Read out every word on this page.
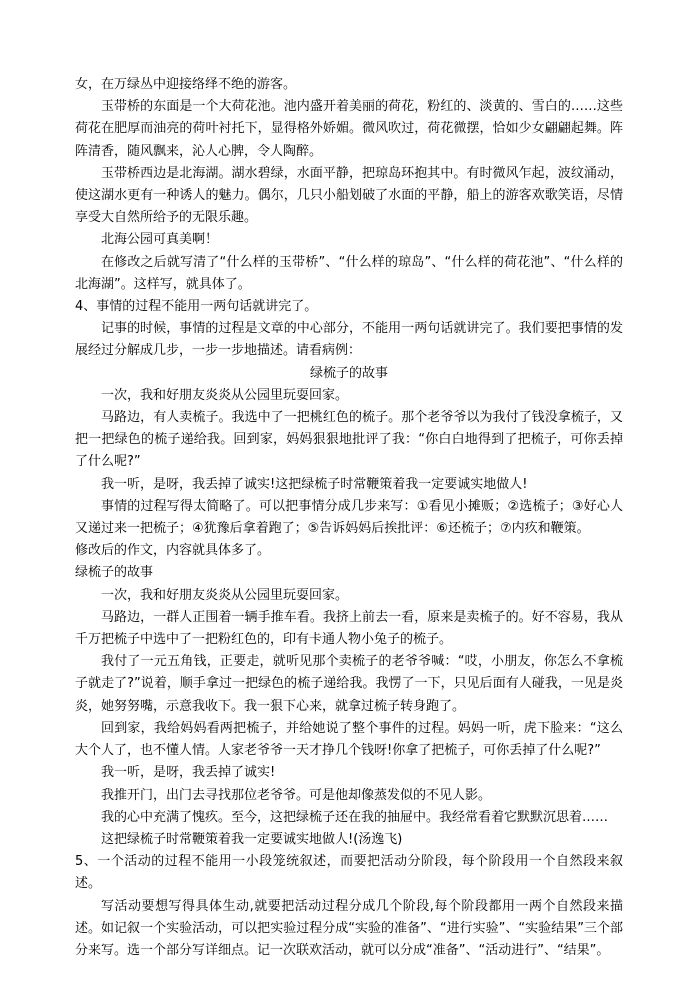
女，在万绿丛中迎接络绎不绝的游客。

玉带桥的东面是一个大荷花池。池内盛开着美丽的荷花，粉红的、淡黄的、雪白的……这些荷花在肥厚而油亮的荷叶衬托下，显得格外娇媚。微风吹过，荷花微摆，恰如少女翩翩起舞。阵阵清香，随风飘来，沁人心脾，令人陶醉。

玉带桥西边是北海湖。湖水碧绿，水面平静，把琼岛环抱其中。有时微风乍起，波纹涌动，使这湖水更有一种诱人的魅力。偶尔，几只小船划破了水面的平静，船上的游客欢歌笑语，尽情享受大自然所给予的无限乐趣。

北海公园可真美啊！

在修改之后就写清了“什么样的玉带桥”、“什么样的琼岛”、“什么样的荷花池”、“什么样的北海湖”。这样写，就具体了。

4、事情的过程不能用一两句话就讲完了。

记事的时候，事情的过程是文章的中心部分，不能用一两句话就讲完了。我们要把事情的发展经过分解成几步，一步一步地描述。请看病例：

绿梳子的故事

一次，我和好朋友炎炎从公园里玩耍回家。

马路边，有人卖梳子。我选中了一把桃红色的梳子。那个老爷爷以为我付了钱没拿梳子，又把一把绿色的梳子递给我。回到家，妈妈狠狠地批评了我：“你白白地得到了把梳子，可你丢掉了什么呢?”

我一听，是呀，我丢掉了诚实!这把绿梳子时常鞭策着我一定要诚实地做人!

事情的过程写得太简略了。可以把事情分成几步来写：①看见小摊贩；②选梳子；③好心人又递过来一把梳子；④犹豫后拿着跑了；⑤告诉妈妈后挨批评：⑥还梳子；⑦内疚和鞭策。

修改后的作文，内容就具体多了。

绿梳子的故事

一次，我和好朋友炎炎从公园里玩耍回家。

马路边，一群人正围着一辆手推车看。我挤上前去一看，原来是卖梳子的。好不容易，我从千万把梳子中选中了一把粉红色的，印有卡通人物小兔子的梳子。

我付了一元五角钱，正要走，就听见那个卖梳子的老爷爷喊：“哎，小朋友，你怎么不拿梳子就走了?”说着，顺手拿过一把绿色的梳子递给我。我愣了一下，只见后面有人碰我，一见是炎炎，她努努嘴，示意我收下。我一狠下心来，就拿过梳子转身跑了。

回到家，我给妈妈看两把梳子，并给她说了整个事件的过程。妈妈一听，虎下脸来：“这么大个人了，也不懂人情。人家老爷爷一天才挣几个钱呀!你拿了把梳子，可你丢掉了什么呢?”

我一听，是呀，我丢掉了诚实!

我推开门，出门去寻找那位老爷爷。可是他却像蒸发似的不见人影。

我的心中充满了愧疚。至今，这把绿梳子还在我的抽屉中。我经常看着它默默沉思着……

这把绿梳子时常鞭策着我一定要诚实地做人!(汤逸飞)

5、一个活动的过程不能用一小段笼统叙述，而要把活动分阶段，每个阶段用一个自然段来叙述。

写活动要想写得具体生动,就要把活动过程分成几个阶段,每个阶段都用一两个自然段来描述。如记叙一个实验活动，可以把实验过程分成“实验的准备”、“进行实验”、“实验结果”三个部分来写。选一个部分写详细点。记一次联欢活动，就可以分成“准备”、“活动进行”、“结果”。
